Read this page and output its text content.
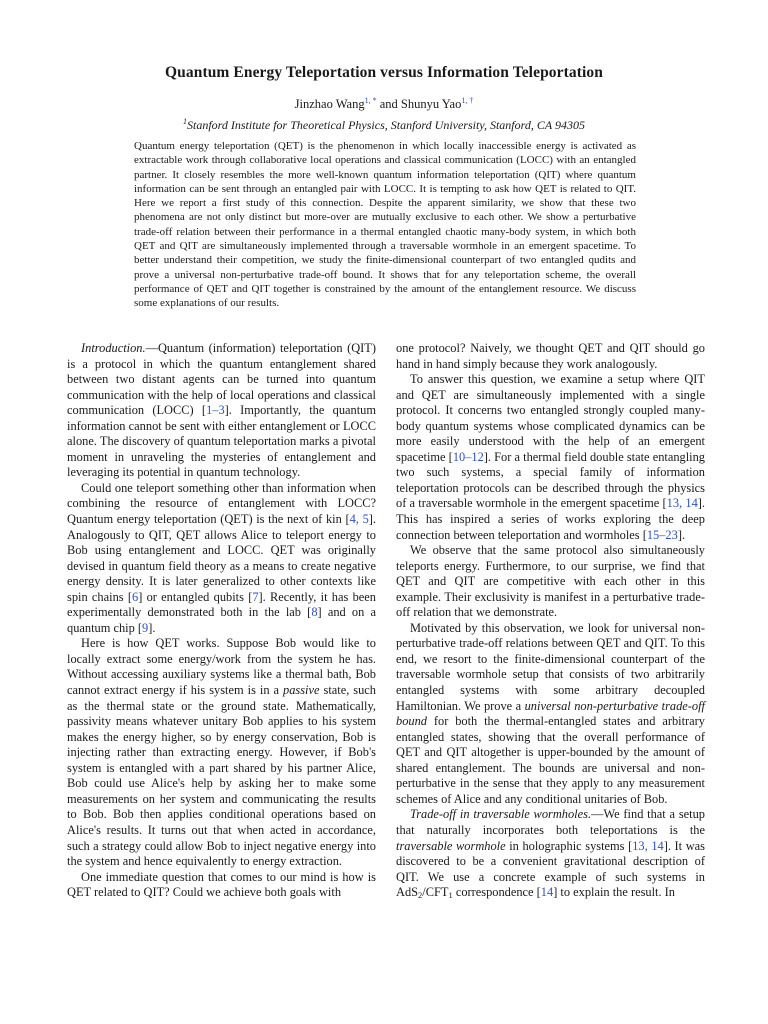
Quantum Energy Teleportation versus Information Teleportation
Jinzhao Wang$^{1, *}$ and Shunyu Yao$^{1, \dagger}$
$^1$Stanford Institute for Theoretical Physics, Stanford University, Stanford, CA 94305
Quantum energy teleportation (QET) is the phenomenon in which locally inaccessible energy is activated as extractable work through collaborative local operations and classical communication (LOCC) with an entangled partner. It closely resembles the more well-known quantum information teleportation (QIT) where quantum information can be sent through an entangled pair with LOCC. It is tempting to ask how QET is related to QIT. Here we report a first study of this connection. Despite the apparent similarity, we show that these two phenomena are not only distinct but more-over are mutually exclusive to each other. We show a perturbative trade-off relation between their performance in a thermal entangled chaotic many-body system, in which both QET and QIT are simultaneously implemented through a traversable wormhole in an emergent spacetime. To better understand their competition, we study the finite-dimensional counterpart of two entangled qudits and prove a universal non-perturbative trade-off bound. It shows that for any teleportation scheme, the overall performance of QET and QIT together is constrained by the amount of the entanglement resource. We discuss some explanations of our results.

Introduction.—Quantum (information) teleportation (QIT) is a protocol in which the quantum entanglement shared between two distant agents can be turned into quantum communication with the help of local operations and classical communication (LOCC) [1–3]. Importantly, the quantum information cannot be sent with either entanglement or LOCC alone. The discovery of quantum teleportation marks a pivotal moment in unraveling the mysteries of entanglement and leveraging its potential in quantum technology.

Could one teleport something other than information when combining the resource of entanglement with LOCC? Quantum energy teleportation (QET) is the next of kin [4, 5]. Analogously to QIT, QET allows Alice to teleport energy to Bob using entanglement and LOCC. QET was originally devised in quantum field theory as a means to create negative energy density. It is later generalized to other contexts like spin chains [6] or entangled qubits [7]. Recently, it has been experimentally demonstrated both in the lab [8] and on a quantum chip [9].

Here is how QET works. Suppose Bob would like to locally extract some energy/work from the system he has. Without accessing auxiliary systems like a thermal bath, Bob cannot extract energy if his system is in a passive state, such as the thermal state or the ground state. Mathematically, passivity means whatever unitary Bob applies to his system makes the energy higher, so by energy conservation, Bob is injecting rather than extracting energy. However, if Bob's system is entangled with a part shared by his partner Alice, Bob could use Alice's help by asking her to make some measurements on her system and communicating the results to Bob. Bob then applies conditional operations based on Alice's results. It turns out that when acted in accordance, such a strategy could allow Bob to inject negative energy into the system and hence equivalently to energy extraction.

One immediate question that comes to our mind is how is QET related to QIT? Could we achieve both goals with

one protocol? Naively, we thought QET and QIT should go hand in hand simply because they work analogously.

To answer this question, we examine a setup where QIT and QET are simultaneously implemented with a single protocol. It concerns two entangled strongly coupled many-body quantum systems whose complicated dynamics can be more easily understood with the help of an emergent spacetime [10–12]. For a thermal field double state entangling two such systems, a special family of information teleportation protocols can be described through the physics of a traversable wormhole in the emergent spacetime [13, 14]. This has inspired a series of works exploring the deep connection between teleportation and wormholes [15–23].

We observe that the same protocol also simultaneously teleports energy. Furthermore, to our surprise, we find that QET and QIT are competitive with each other in this example. Their exclusivity is manifest in a perturbative trade-off relation that we demonstrate.

Motivated by this observation, we look for universal non-perturbative trade-off relations between QET and QIT. To this end, we resort to the finite-dimensional counterpart of the traversable wormhole setup that consists of two arbitrarily entangled systems with some arbitrary decoupled Hamiltonian. We prove a universal non-perturbative trade-off bound for both the thermal-entangled states and arbitrary entangled states, showing that the overall performance of QET and QIT altogether is upper-bounded by the amount of shared entanglement. The bounds are universal and non-perturbative in the sense that they apply to any measurement schemes of Alice and any conditional unitaries of Bob.

Trade-off in traversable wormholes.—We find that a setup that naturally incorporates both teleportations is the traversable wormhole in holographic systems [13, 14]. It was discovered to be a convenient gravitational description of QIT. We use a concrete example of such systems in $AdS_2/CFT_1$ correspondence [14] to explain the result. In
